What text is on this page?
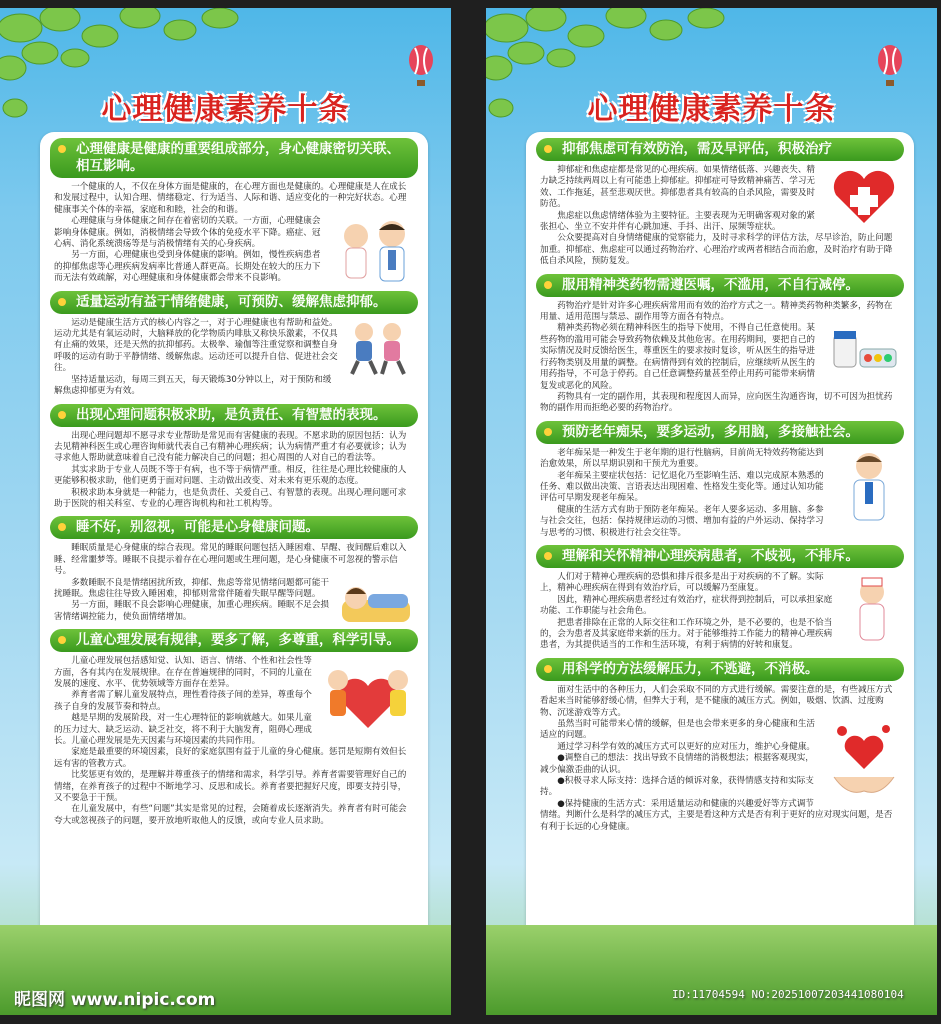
心理健康素养十条
心理健康是健康的重要组成部分，身心健康密切关联、相互影响。

一个健康的人，不仅在身体方面是健康的，在心理方面也是健康的。心理健康是人在成长和发展过程中，认知合理、情绪稳定、行为适当、人际和谐、适应变化的一种完好状态。心理健康事关个体的幸福，家庭和和睦，社会的和谐。

心理健康与身体健康之间存在着密切的关联。一方面，心理健康会影响身体健康。例如，消极情绪会导致个体的免疫水平下降。癌症、冠心病、消化系统溃疡等是与消极情绪有关的心身疾病。

另一方面，心理健康也受到身体健康的影响。例如，慢性疾病患者的抑郁焦虑等心理疾病发病率比普通人群更高。长期处在较大的压力下而无法有效疏解，对心理健康和身体健康都会带来不良影响。

适量运动有益于情绪健康，可预防、缓解焦虑抑郁。

运动是健康生活方式的核心内容之一，对于心理健康也有帮助和益处。运动尤其是有氧运动时，大脑释放的化学物质内啡肽又称快乐激素，不仅具有止痛的效果，还是天然的抗抑郁药。太极拳、瑜伽等注重觉察和调整自身呼吸的运动有助于平静情绪、缓解焦虑。运动还可以提升自信、促进社会交往。

坚持适量运动，每周三到五天，每天锻炼30分钟以上，对于预防和缓解焦虑抑郁更为有效。

出现心理问题积极求助，是负责任、有智慧的表现。

出现心理问题却不愿寻求专业帮助是常见而有害健康的表现。不愿求助的原因包括：认为去见精神科医生或心理咨询师就代表自己有精神心理疾病；认为病情严重才有必要就诊；认为寻求他人帮助就意味着自己没有能力解决自己的问题；担心周围的人对自己的看法等。

其实求助于专业人员既不等于有病，也不等于病情严重。相反，往往是心理比较健康的人更能够积极求助，他们更勇于面对问题、主动做出改变、对未来有更乐观的态度。

积极求助本身就是一种能力，也是负责任、关爱自己、有智慧的表现。出现心理问题可求助于医院的相关科室、专业的心理咨询机构和社工机构等。

睡不好，别忽视，可能是心身健康问题。

睡眠质量是心身健康的综合表现。常见的睡眠问题包括入睡困难、早醒、夜间醒后难以入睡、经常噩梦等。睡眠不良提示着存在心理问题或生理问题，是心身健康不可忽视的警示信号。

多数睡眠不良是情绪困扰所致，抑郁、焦虑等常见情绪问题都可能干扰睡眠。焦虑往往导致入睡困难，抑郁则常常伴随着失眠早醒等问题。

另一方面，睡眠不良会影响心理健康，加重心理疾病。睡眠不足会损害情绪调控能力，使负面情绪增加。

儿童心理发展有规律，要多了解，多尊重，科学引导。

儿童心理发展包括感知觉、认知、语言、情绪、个性和社会性等方面，各有其内在发展规律。在存在普遍规律的同时，不同的儿童在发展的速度、水平、优势领域等方面存在差异。

养育者需了解儿童发展特点，理性看待孩子间的差异，尊重每个孩子自身的发展节奏和特点。

越是早期的发展阶段，对一生心理特征的影响就越大。如果儿童的压力过大、缺乏运动、缺乏社交，将不利于大脑发育，阻碍心理成长。儿童心理发展是先天因素与环境因素的共同作用。

家庭是最重要的环境因素，良好的家庭氛围有益于儿童的身心健康。惩罚是短期有效但长远有害的管教方式。

比奖惩更有效的，是理解并尊重孩子的情绪和需求，科学引导。养育者需要管理好自己的情绪，在养育孩子的过程中不断地学习、反思和成长。养育者要把握好尺度，即要支持引导，又不要急于干预。

在儿童发展中，有些“问题”其实是常见的过程，会随着成长逐渐消失。养育者有时可能会夸大或忽视孩子的问题，要开放地听取他人的反馈，或向专业人员求助。

心理健康素养十条
抑郁焦虑可有效防治，需及早评估，积极治疗

抑郁症和焦虑症都是常见的心理疾病。如果情绪低落、兴趣丧失、精力缺乏持续两周以上有可能患上抑郁症。抑郁症可导致精神痛苦、学习无效、工作拖延，甚至悲观厌世。抑郁患者具有较高的自杀风险，需要及时防范。

焦虑症以焦虑情绪体验为主要特征。主要表现为无明确客观对象的紧张担心、坐立不安并伴有心跳加速、手抖、出汗、尿频等症状。

公众要提高对自身情绪健康的觉察能力，及时寻求科学的评估方法，尽早诊治，防止问题加重。抑郁症、焦虑症可以通过药物治疗、心理治疗或两者相结合而治愈，及时治疗有助于降低自杀风险，预防复发。

服用精神类药物需遵医嘱，不滥用，不自行减停。

药物治疗是针对许多心理疾病常用而有效的治疗方式之一。精神类药物种类繁多，药物在用量、适用范围与禁忌、副作用等方面各有特点。

精神类药物必须在精神科医生的指导下使用，不得自己任意使用。某些药物的滥用可能会导致药物依赖及其他危害。在用药期间，要把自己的实际情况及时反馈给医生，尊重医生的要求按时复诊，听从医生的指导进行药物类别及用量的调整。在病情得到有效的控制后，应继续听从医生的用药指导，不可急于停药。自己任意调整药量甚至停止用药可能带来病情复发或恶化的风险。

药物具有一定的副作用，其表现和程度因人而异，应向医生沟通咨询，切不可因为担忧药物的副作用而拒绝必要的药物治疗。

预防老年痴呆，要多运动，多用脑，多接触社会。

老年痴呆是一种发生于老年期的退行性脑病，目前尚无特效药物能达到治愈效果，所以早期识别和干预尤为重要。

老年痴呆主要症状包括：记忆退化乃至影响生活、难以完成原本熟悉的任务、难以做出决策、言语表达出现困难、性格发生变化等。通过认知功能评估可早期发现老年痴呆。

健康的生活方式有助于预防老年痴呆。老年人要多运动、多用脑、多参与社会交往，包括：保持规律运动的习惯、增加有益的户外运动、保持学习与思考的习惯、积极进行社会交往等。

理解和关怀精神心理疾病患者，不歧视，不排斥。

人们对于精神心理疾病的恐惧和排斥很多是出于对疾病的不了解。实际上，精神心理疾病在得到有效治疗后，可以缓解乃至康复。

因此，精神心理疾病患者经过有效治疗，症状得到控制后，可以承担家庭功能、工作职能与社会角色。

把患者排除在正常的人际交往和工作环境之外，是不必要的，也是不恰当的，会为患者及其家庭带来新的压力。对于能够维持工作能力的精神心理疾病患者，为其提供适当的工作和生活环境，有利于病情的好转和康复。

用科学的方法缓解压力，不逃避，不消极。

面对生活中的各种压力，人们会采取不同的方式进行缓解。需要注意的是，有些减压方式看起来当时能够舒缓心情，但弊大于利，是不健康的减压方式。例如，吸烟、饮酒、过度购物、沉迷游戏等方式。

虽然当时可能带来心情的缓解，但是也会带来更多的身心健康和生活适应的问题。

通过学习科学有效的减压方式可以更好的应对压力，维护心身健康。

●调整自己的想法：找出导致不良情绪的消极想法；根据客观现实，减少偏激歪曲的认识。

●积极寻求人际支持：选择合适的倾诉对象，获得情感支持和实际支持。

●保持健康的生活方式：采用适量运动和健康的兴趣爱好等方式调节情绪。判断什么是科学的减压方式，主要是看这种方式是否有利于更好的应对现实问题，是否有利于长远的心身健康。

昵图网 www.nipic.com	ID:11704594 NO:20251007203441080104
